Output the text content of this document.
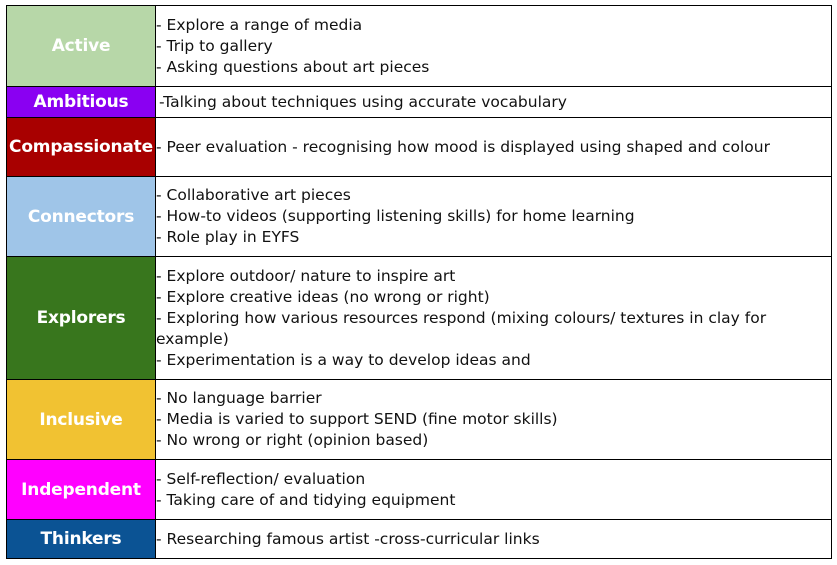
Active	- Explore a range of media
- Trip to gallery
- Asking questions about art pieces

Ambitious	-Talking about techniques using accurate vocabulary

Compassionate	- Peer evaluation - recognising how mood is displayed using shaped and colour

Connectors	- Collaborative art pieces
- How-to videos (supporting listening skills) for home learning
- Role play in EYFS

Explorers	- Explore outdoor/ nature to inspire art
- Explore creative ideas (no wrong or right)
- Exploring how various resources respond (mixing colours/ textures in clay for example)
- Experimentation is a way to develop ideas and

Inclusive	- No language barrier
- Media is varied to support SEND (fine motor skills)
- No wrong or right (opinion based)

Independent	- Self-reflection/ evaluation
- Taking care of and tidying equipment

Thinkers	- Researching famous artist -cross-curricular links
